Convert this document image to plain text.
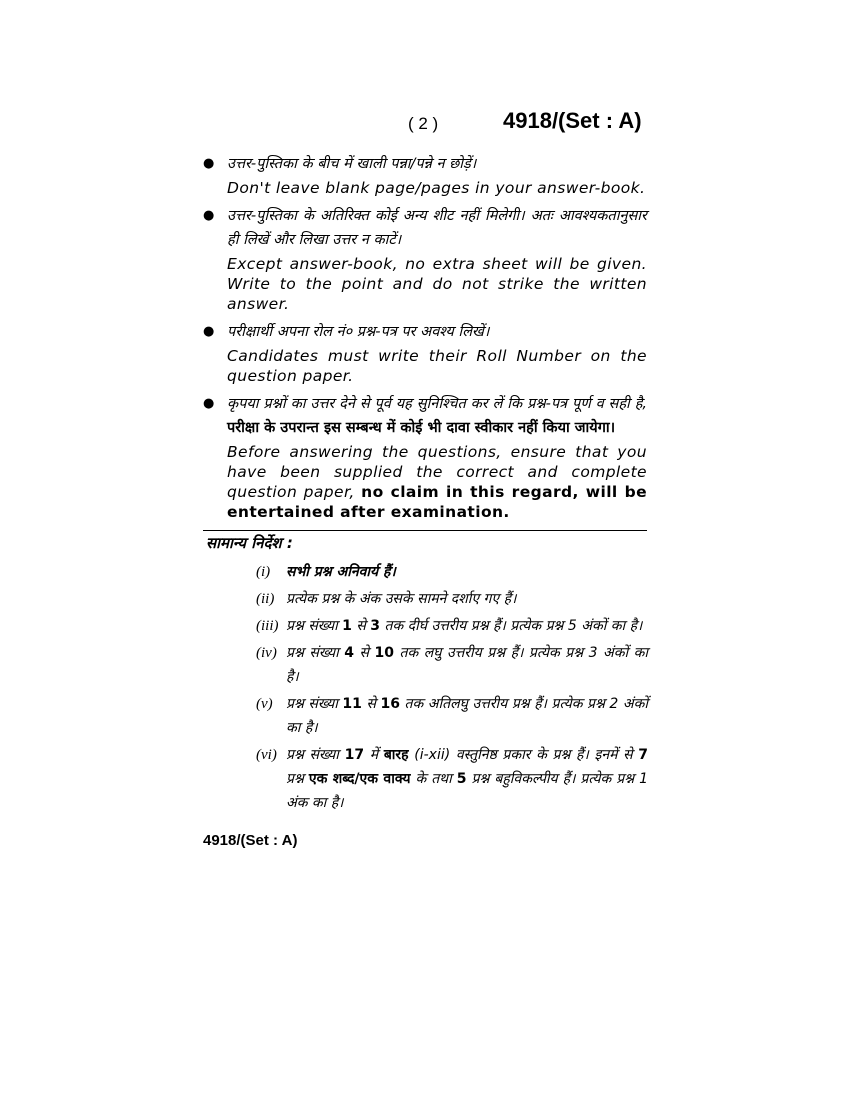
( 2 )	4918/(Set : A)
● उत्तर-पुस्तिका के बीच में खाली पन्ना/पन्ने न छोड़ें।
Don't leave blank page/pages in your answer-book.
● उत्तर-पुस्तिका के अतिरिक्त कोई अन्य शीट नहीं मिलेगी। अतः आवश्यकतानुसार ही लिखें और लिखा उत्तर न काटें।
Except answer-book, no extra sheet will be given. Write to the point and do not strike the written answer.
● परीक्षार्थी अपना रोल नं० प्रश्न-पत्र पर अवश्य लिखें।
Candidates must write their Roll Number on the question paper.
● कृपया प्रश्नों का उत्तर देने से पूर्व यह सुनिश्चित कर लें कि प्रश्न-पत्र पूर्ण व सही है, परीक्षा के उपरान्त इस सम्बन्ध में कोई भी दावा स्वीकार नहीं किया जायेगा।
Before answering the questions, ensure that you have been supplied the correct and complete question paper, no claim in this regard, will be entertained after examination.
सामान्य निर्देश :
(i)	सभी प्रश्न अनिवार्य हैं।
(ii) प्रत्येक प्रश्न के अंक उसके सामने दर्शाए गए हैं।
(iii) प्रश्न संख्या 1 से 3 तक दीर्घ उत्तरीय प्रश्न हैं। प्रत्येक प्रश्न 5 अंकों का है।
(iv) प्रश्न संख्या 4 से 10 तक लघु उत्तरीय प्रश्न हैं। प्रत्येक प्रश्न 3 अंकों का है।
(v) प्रश्न संख्या 11 से 16 तक अतिलघु उत्तरीय प्रश्न हैं। प्रत्येक प्रश्न 2 अंकों का है।
(vi) प्रश्न संख्या 17 में बारह (i-xii) वस्तुनिष्ठ प्रकार के प्रश्न हैं। इनमें से 7 प्रश्न एक शब्द/एक वाक्य के तथा 5 प्रश्न बहुविकल्पीय हैं। प्रत्येक प्रश्न 1 अंक का है।
4918/(Set : A)
